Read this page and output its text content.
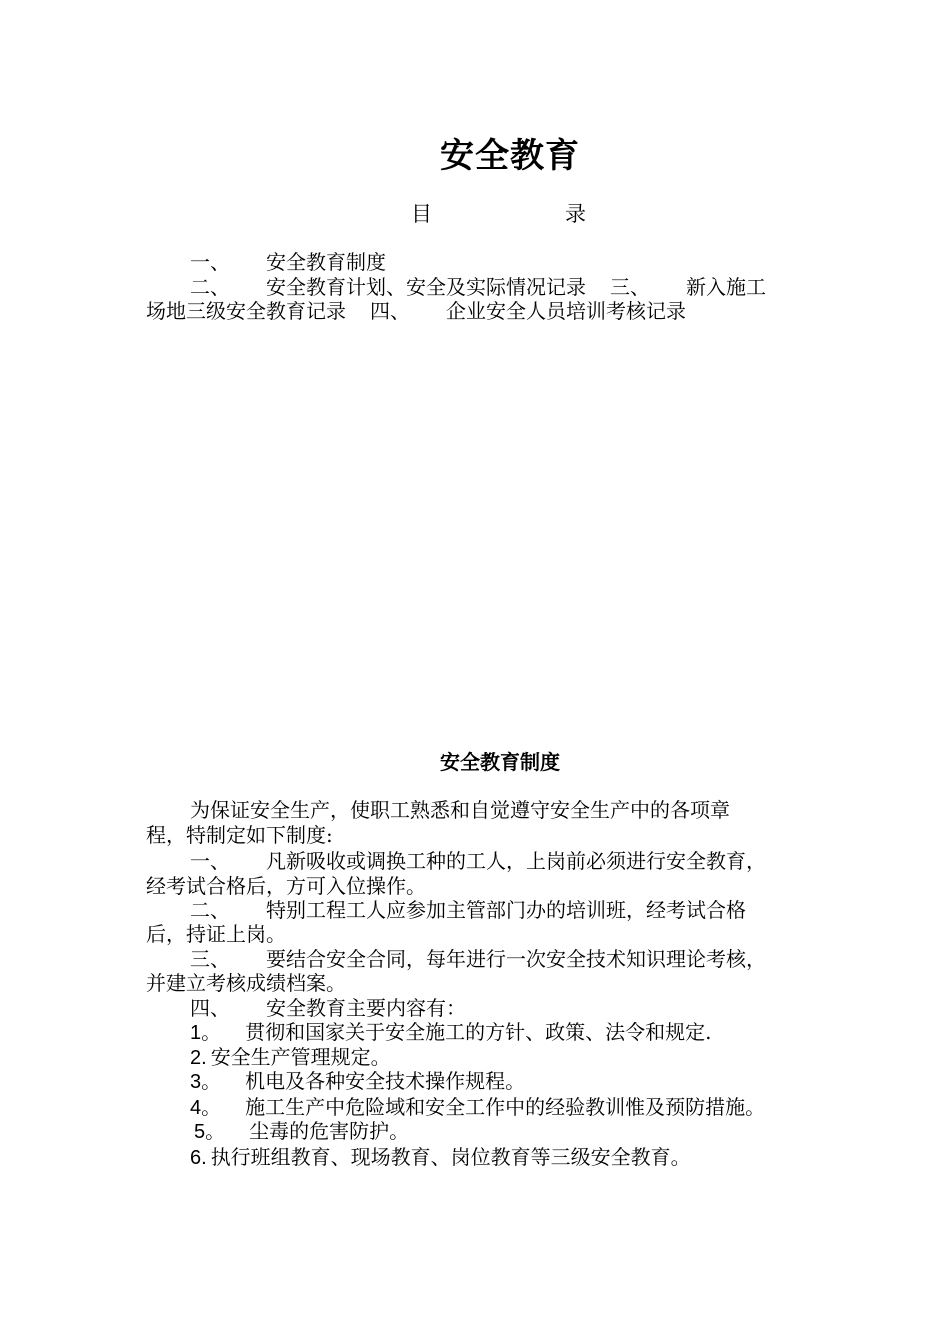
安全教育
目	录
一、 安全教育制度
二、 安全教育计划、安全及实际情况记录 三、 新入施工
场地三级安全教育记录 四、 企业安全人员培训考核记录
安全教育制度
为保证安全生产，使职工熟悉和自觉遵守安全生产中的各项章
程，特制定如下制度:
一、 凡新吸收或调换工种的工人，上岗前必须进行安全教育，
经考试合格后，方可入位操作。
二、 特别工程工人应参加主管部门办的培训班，经考试合格
后，持证上岗。
三、 要结合安全合同，每年进行一次安全技术知识理论考核，
并建立考核成绩档案。
四、 安全教育主要内容有：
1。 贯彻和国家关于安全施工的方针、政策、法令和规定.
2. 安全生产管理规定。
3。 机电及各种安全技术操作规程。
4。 施工生产中危险域和安全工作中的经验教训惟及预防措施。
5。 尘毒的危害防护。
6. 执行班组教育、现场教育、岗位教育等三级安全教育。
